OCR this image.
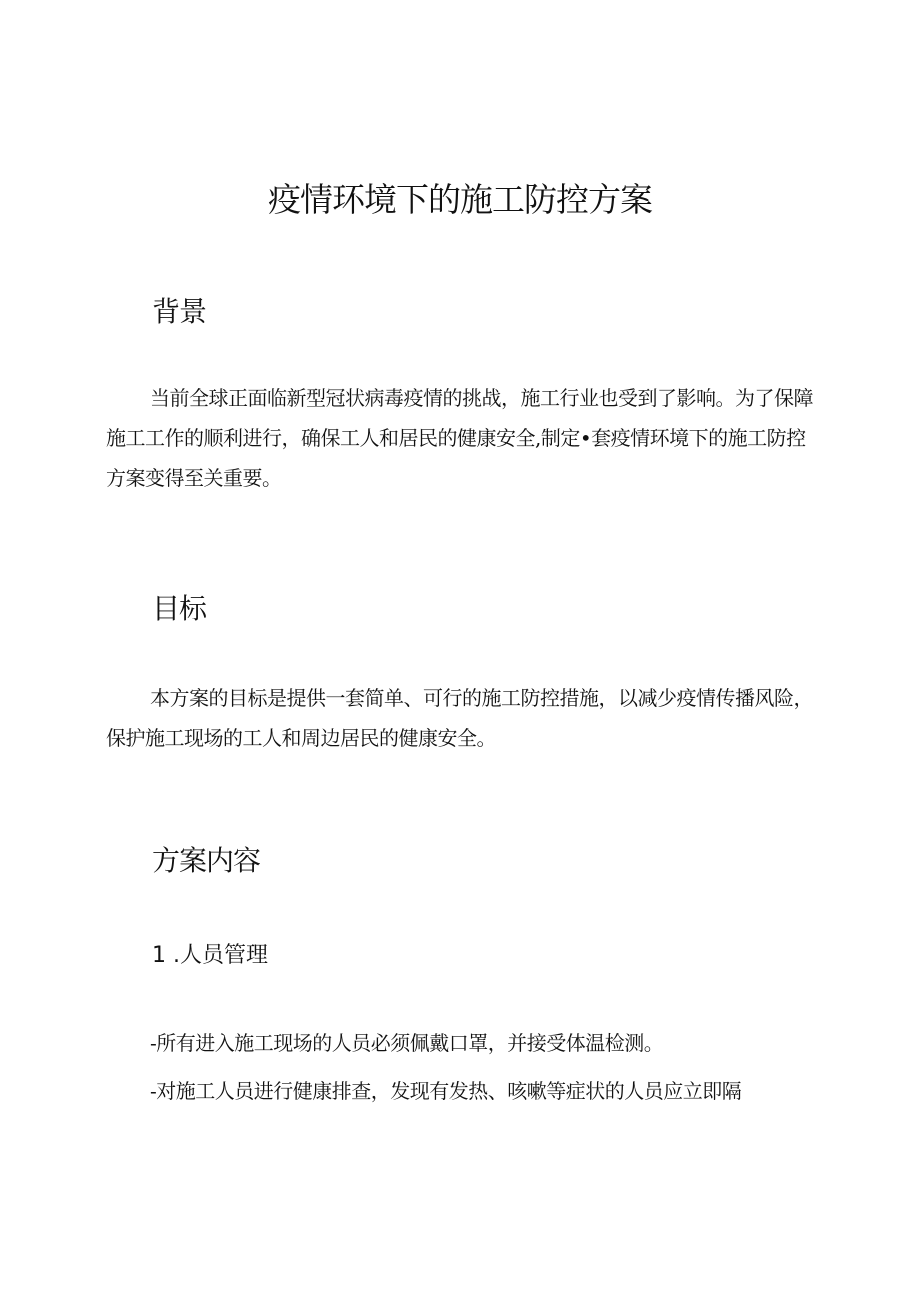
疫情环境下的施工防控方案
背景

当前全球正面临新型冠状病毒疫情的挑战，施工行业也受到了影响。为了保障施工工作的顺利进行，确保工人和居民的健康安全,制定•套疫情环境下的施工防控方案变得至关重要。

目标

本方案的目标是提供一套简单、可行的施工防控措施，以减少疫情传播风险，保护施工现场的工人和周边居民的健康安全。

方案内容
1 .人员管理

-所有进入施工现场的人员必须佩戴口罩，并接受体温检测。

-对施工人员进行健康排查，发现有发热、咳嗽等症状的人员应立即隔
